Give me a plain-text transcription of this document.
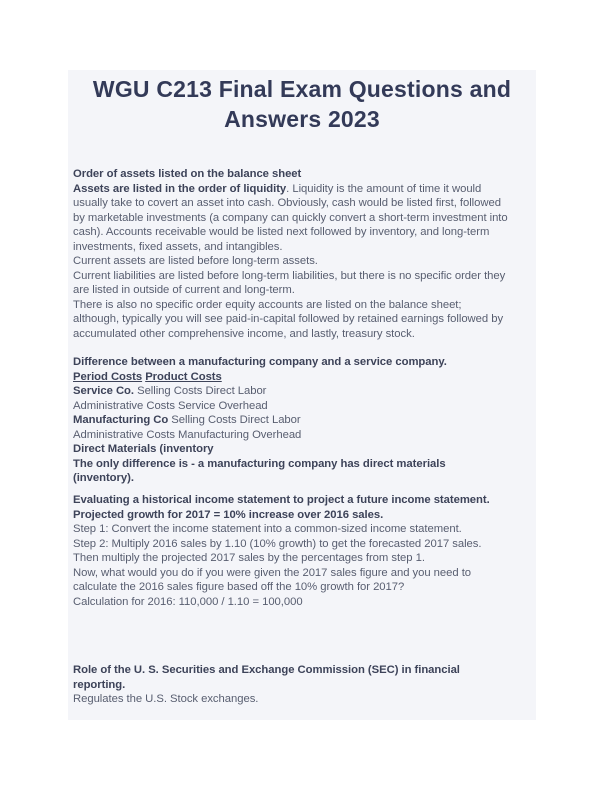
WGU C213 Final Exam Questions and
Answers 2023
Order of assets listed on the balance sheet
Assets are listed in the order of liquidity. Liquidity is the amount of time it would
usually take to covert an asset into cash. Obviously, cash would be listed first, followed
by marketable investments (a company can quickly convert a short-term investment into
cash). Accounts receivable would be listed next followed by inventory, and long-term
investments, fixed assets, and intangibles.
Current assets are listed before long-term assets.
Current liabilities are listed before long-term liabilities, but there is no specific order they
are listed in outside of current and long-term.
There is also no specific order equity accounts are listed on the balance sheet;
although, typically you will see paid-in-capital followed by retained earnings followed by
accumulated other comprehensive income, and lastly, treasury stock.
Difference between a manufacturing company and a service company.
Period Costs Product Costs
Service Co. Selling Costs Direct Labor
Administrative Costs Service Overhead
Manufacturing Co Selling Costs Direct Labor
Administrative Costs Manufacturing Overhead
Direct Materials (inventory
The only difference is - a manufacturing company has direct materials
(inventory).
Evaluating a historical income statement to project a future income statement.
Projected growth for 2017 = 10% increase over 2016 sales.
Step 1: Convert the income statement into a common-sized income statement.
Step 2: Multiply 2016 sales by 1.10 (10% growth) to get the forecasted 2017 sales.
Then multiply the projected 2017 sales by the percentages from step 1.
Now, what would you do if you were given the 2017 sales figure and you need to
calculate the 2016 sales figure based off the 10% growth for 2017?
Calculation for 2016: 110,000 / 1.10 = 100,000
Role of the U. S. Securities and Exchange Commission (SEC) in financial
reporting.
Regulates the U.S. Stock exchanges.
